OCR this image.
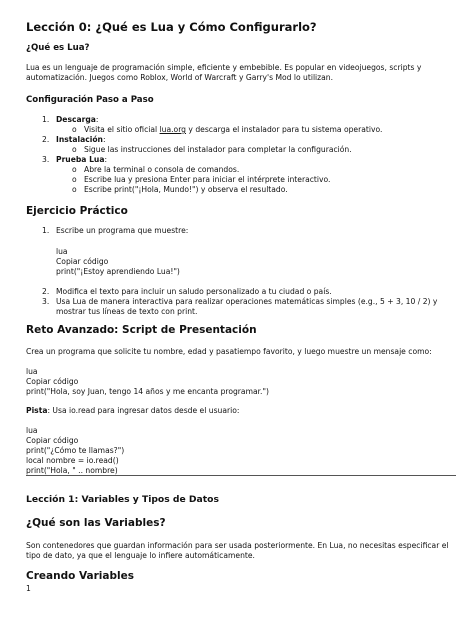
Lección 0: ¿Qué es Lua y Cómo Configurarlo?
¿Qué es Lua?
Lua es un lenguaje de programación simple, eficiente y embebible. Es popular en videojuegos, scripts y
automatización. Juegos como Roblox, World of Warcraft y Garry's Mod lo utilizan.
Configuración Paso a Paso
1. Descarga:
o Visita el sitio oficial lua.org y descarga el instalador para tu sistema operativo.
2. Instalación:
o Sigue las instrucciones del instalador para completar la configuración.
3. Prueba Lua:
o Abre la terminal o consola de comandos.
o Escribe lua y presiona Enter para iniciar el intérprete interactivo.
o Escribe print("¡Hola, Mundo!") y observa el resultado.
Ejercicio Práctico
1. Escribe un programa que muestre:
lua
Copiar código
print("¡Estoy aprendiendo Lua!")
2. Modifica el texto para incluir un saludo personalizado a tu ciudad o país.
3. Usa Lua de manera interactiva para realizar operaciones matemáticas simples (e.g., 5 + 3, 10 / 2) y
mostrar tus líneas de texto con print.
Reto Avanzado: Script de Presentación
Crea un programa que solicite tu nombre, edad y pasatiempo favorito, y luego muestre un mensaje como:
lua
Copiar código
print("Hola, soy Juan, tengo 14 años y me encanta programar.")
Pista: Usa io.read para ingresar datos desde el usuario:
lua
Copiar código
print("¿Cómo te llamas?")
local nombre = io.read()
print("Hola, " .. nombre)
Lección 1: Variables y Tipos de Datos
¿Qué son las Variables?
Son contenedores que guardan información para ser usada posteriormente. En Lua, no necesitas especificar el
tipo de dato, ya que el lenguaje lo infiere automáticamente.
Creando Variables
1
